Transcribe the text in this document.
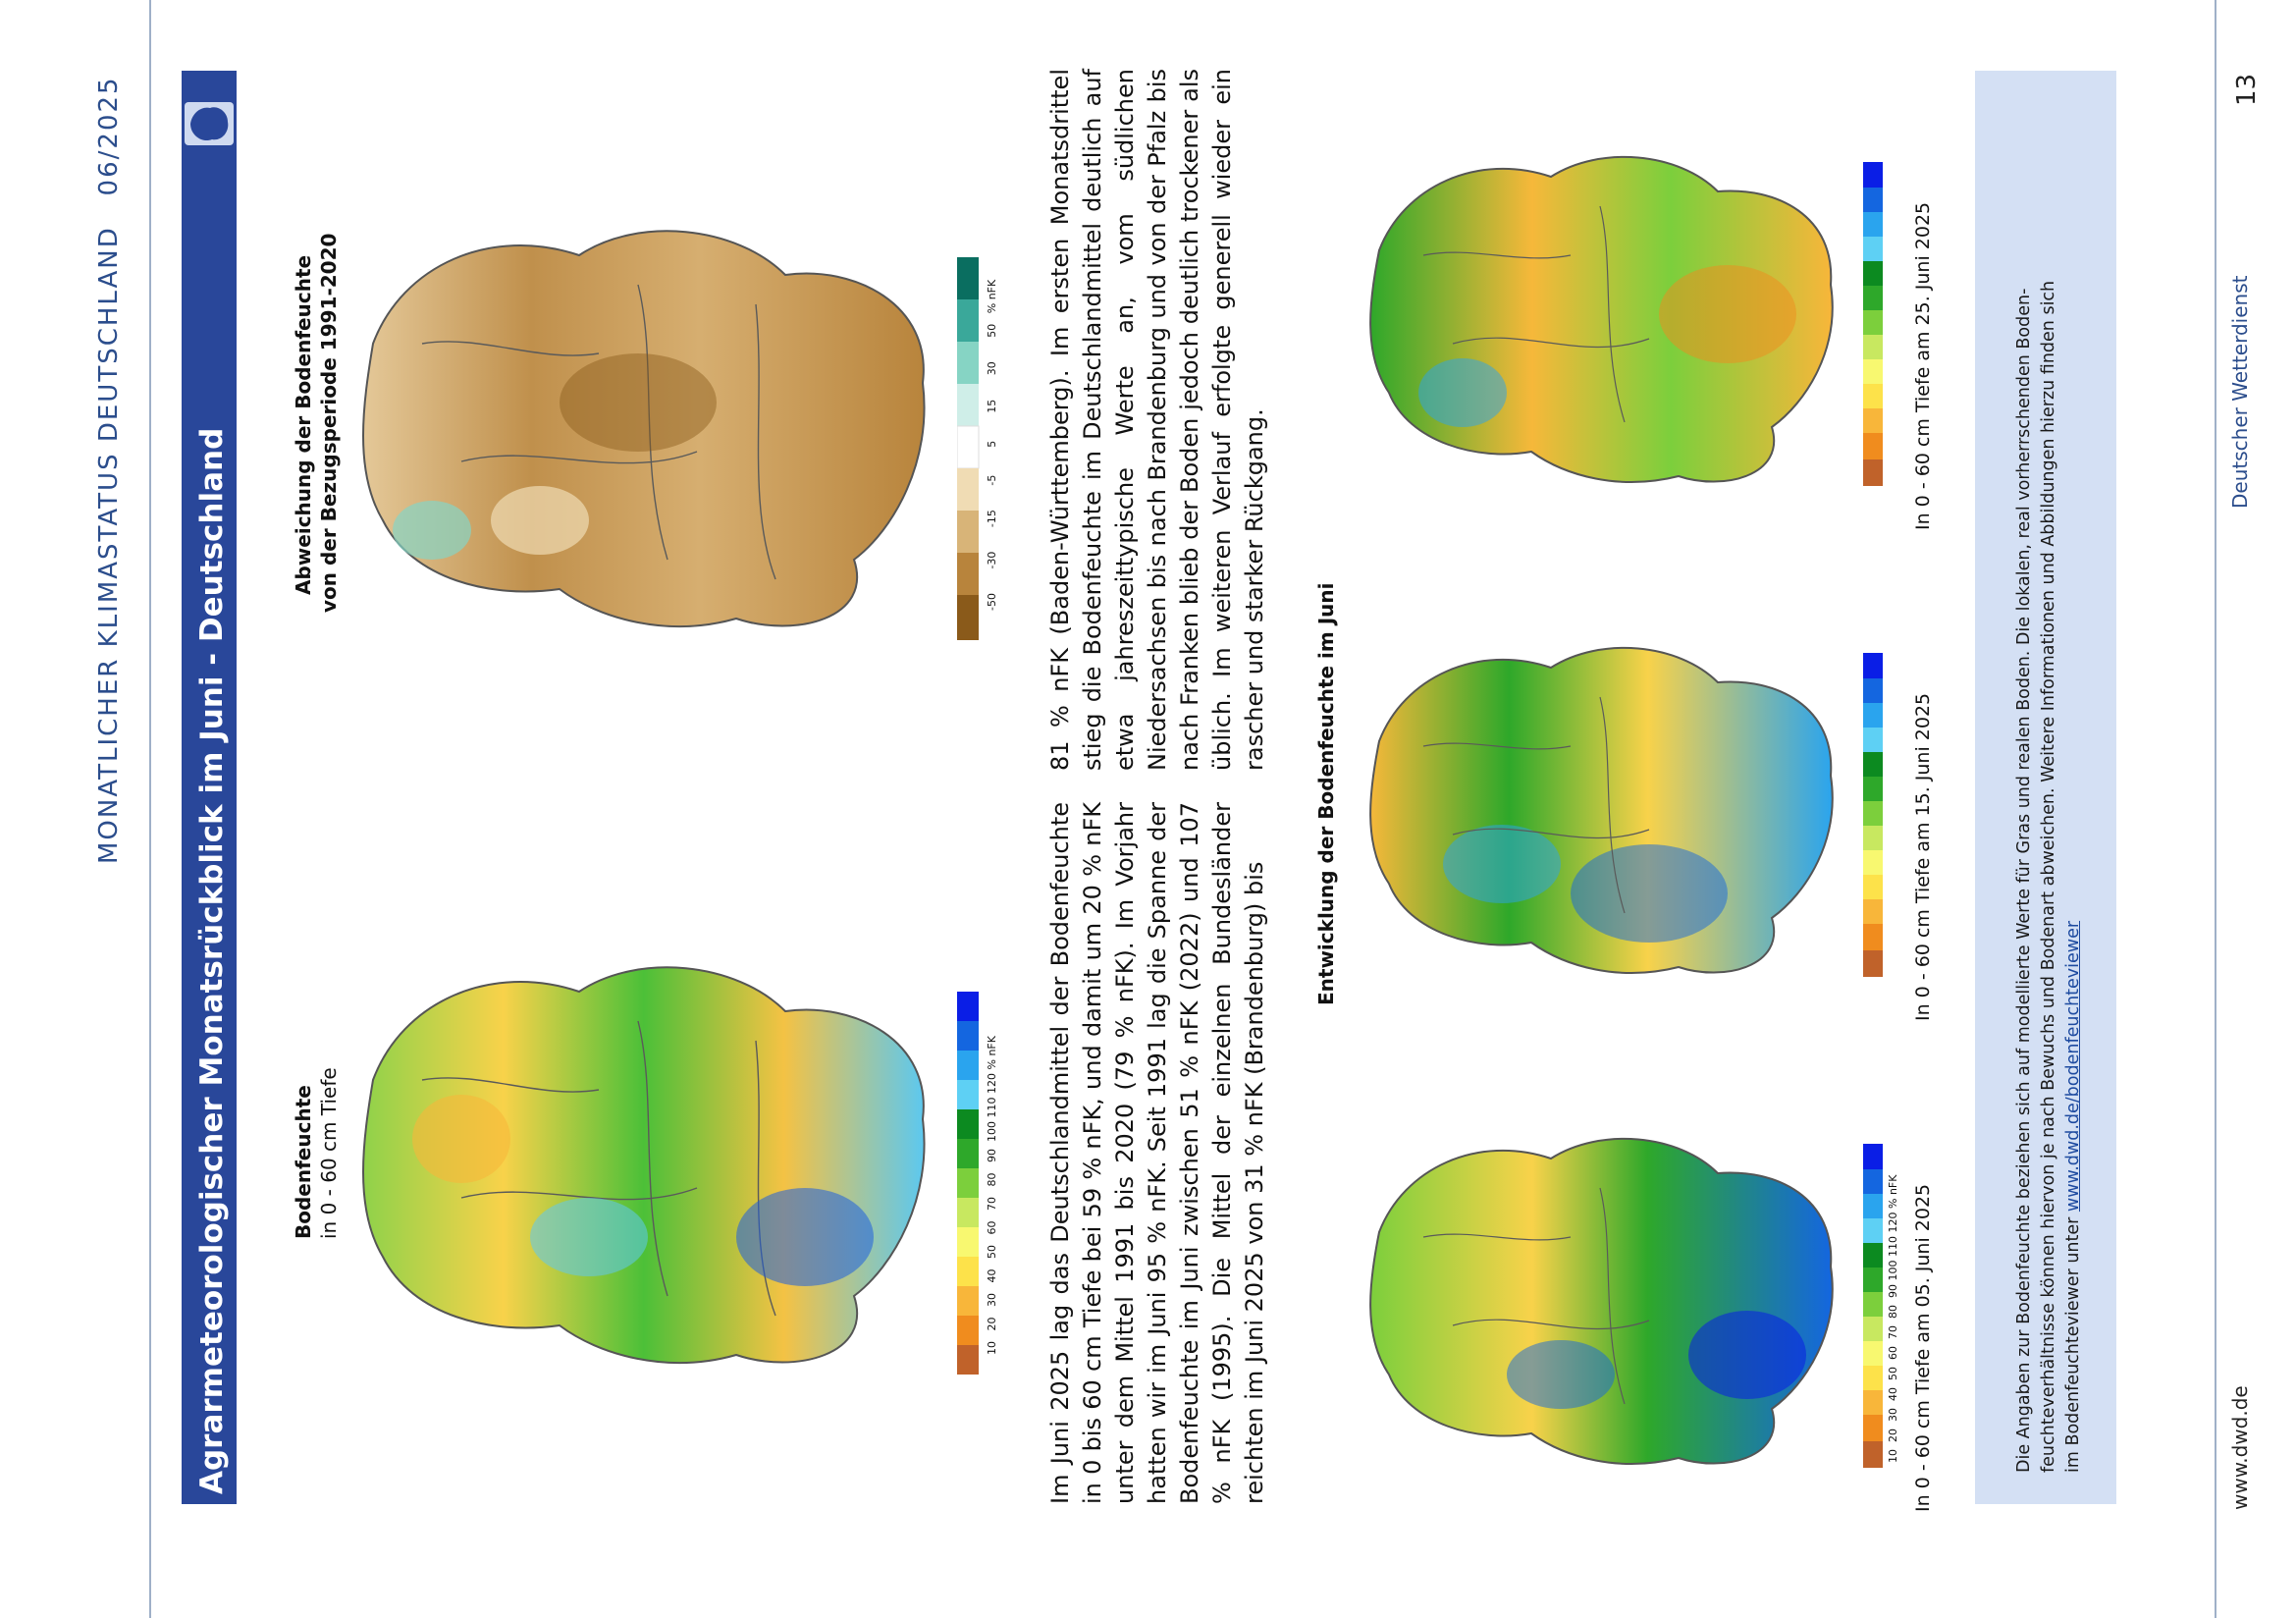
MONATLICHER KLIMASTATUS DEUTSCHLAND   06/2025	13
Agrarmeteorologischer Monatsrückblick im Juni - Deutschland	Bodenfeuchte in 0 - 60 cm Tiefe
10   20   30   40   50   60   70   80   90  100 110 120 % nFK
Abweichung der Bodenfeuchte von der Bezugsperiode 1991-2020	-50       -30       -15       -5        5        15       30       50   % nFK
Im Juni 2025 lag das Deutschlandmittel der Bodenfeuchte in 0 bis 60 cm Tiefe bei 59 % nFK, und damit um 20 % nFK unter dem Mittel 1991 bis 2020 (79 % nFK). Im Vorjahr hatten wir im Juni 95 % nFK. Seit 1991 lag die Spanne der Bodenfeuchte im Juni zwischen 51 % nFK (2022) und 107 % nFK (1995). Die Mittel der einzelnen Bundesländer reichten im Juni 2025 von 31 % nFK (Brandenburg) bis
81 % nFK (Baden-Württemberg). Im ersten Monatsdrittel stieg die Bodenfeuchte im Deutschlandmittel deutlich auf etwa jahreszeittypische Werte an, vom südlichen Niedersachsen bis nach Brandenburg und von der Pfalz bis nach Franken blieb der Boden jedoch deutlich trockener als üblich. Im weiteren Verlauf erfolgte generell wieder ein rascher und starker Rückgang. Entwicklung der Bodenfeuchte im Juni
In 0 - 60 cm Tiefe am 05. Juni 2025
In 0 - 60 cm Tiefe am 15. Juni 2025
In 0 - 60 cm Tiefe am 25. Juni 2025
10  20  30  40  50  60  70  80  90 100 110 120 % nFK	Die Angaben zur Bodenfeuchte beziehen sich auf modellierte Werte für Gras und realen Boden. Die lokalen, real vorherrschenden Boden- feuchteverhältnisse können hiervon je nach Bewuchs und Bodenart abweichen. Weitere Informationen und Abbildungen hierzu finden sich im Bodenfeuchteviewer unter www.dwd.de/bodenfeuchteviewer
www.dwd.de
Deutscher Wetterdienst
